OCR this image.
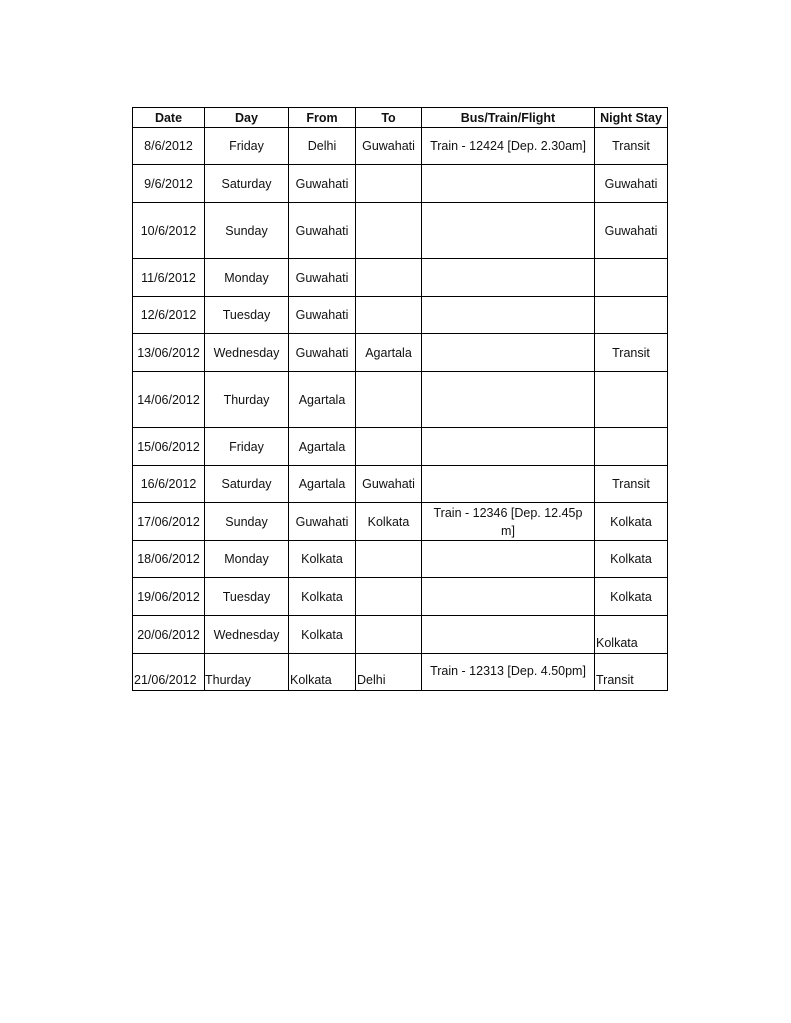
Date	Day	From	To	Bus/Train/Flight	Night Stay
8/6/2012	Friday	Delhi	Guwahati	Train - 12424 [Dep. 2.30am]	Transit
9/6/2012	Saturday	Guwahati			Guwahati
10/6/2012	Sunday	Guwahati			Guwahati
11/6/2012	Monday	Guwahati			
12/6/2012	Tuesday	Guwahati			

13/06/2012	Wednesday	Guwahati	Agartala		Transit

14/06/2012	Thurday	Agartala			

15/06/2012	Friday	Agartala			
16/6/2012	Saturday	Agartala	Guwahati		Transit

17/06/2012	Sunday	Guwahati	Kolkata	Train - 12346 [Dep. 12.45pm]	Kolkata

18/06/2012	Monday	Kolkata			Kolkata

19/06/2012	Tuesday	Kolkata			Kolkata

20/06/2012	Wednesday	Kolkata			Kolkata
21/06/2012	Thurday	Kolkata	Delhi	Train - 12313 [Dep. 4.50pm]	Transit
